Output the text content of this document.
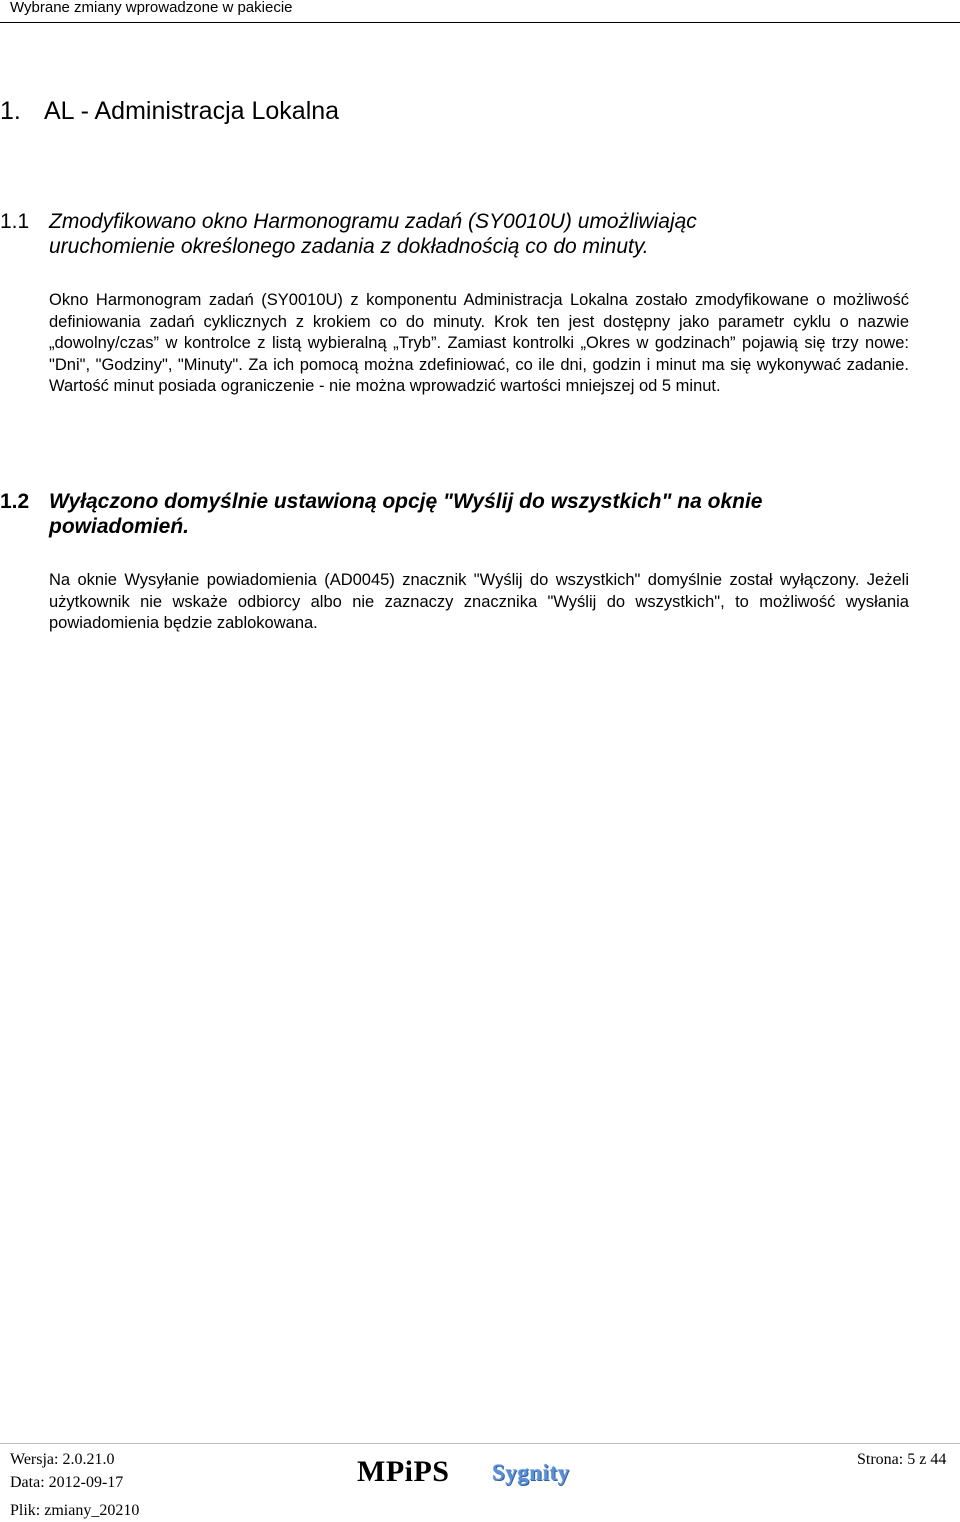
Wybrane zmiany wprowadzone w pakiecie
1. AL - Administracja Lokalna
1.1 Zmodyfikowano okno Harmonogramu zadań (SY0010U) umożliwiając
uruchomienie określonego zadania z dokładnością co do minuty.

Okno Harmonogram zadań (SY0010U) z komponentu Administracja Lokalna zostało zmodyfikowane o możliwość definiowania zadań cyklicznych z krokiem co do minuty. Krok ten jest dostępny jako parametr cyklu o nazwie „dowolny/czas” w kontrolce z listą wybieralną „Tryb”. Zamiast kontrolki „Okres w godzinach” pojawią się trzy nowe: "Dni", "Godziny", "Minuty". Za ich pomocą można zdefiniować, co ile dni, godzin i minut ma się wykonywać zadanie. Wartość minut posiada ograniczenie - nie można wprowadzić wartości mniejszej od 5 minut.

1.2 Wyłączono domyślnie ustawioną opcję "Wyślij do wszystkich" na oknie
powiadomień.

Na oknie Wysyłanie powiadomienia (AD0045) znacznik "Wyślij do wszystkich" domyślnie został wyłączony. Jeżeli użytkownik nie wskaże odbiorcy albo nie zaznaczy znacznika "Wyślij do wszystkich", to możliwość wysłania powiadomienia będzie zablokowana.

Wersja: 2.0.21.0
Data: 2012-09-17
Plik: zmiany_20210
Strona: 5 z 44
MPiPS Sygnity
